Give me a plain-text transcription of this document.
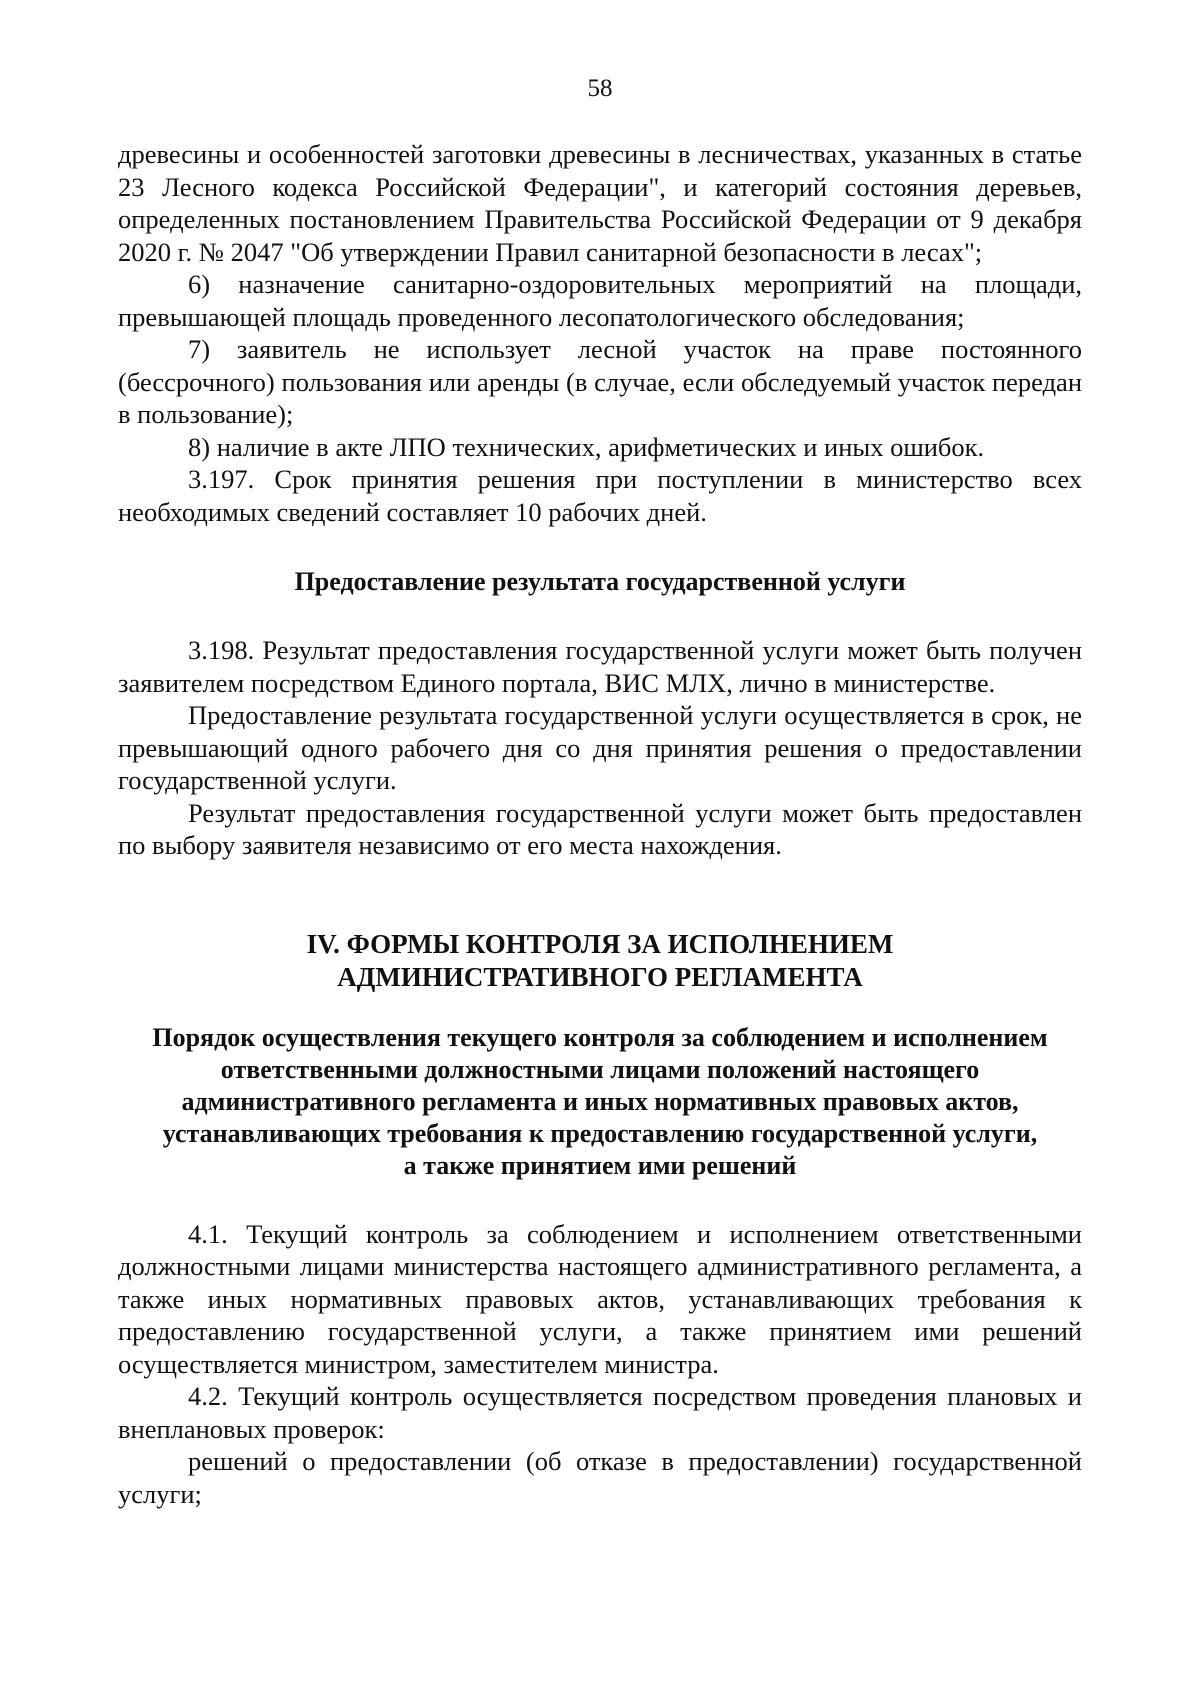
58

древесины и особенностей заготовки древесины в лесничествах, указанных в статье 23 Лесного кодекса Российской Федерации", и категорий состояния деревьев, определенных постановлением Правительства Российской Федерации от 9 декабря 2020 г. № 2047 "Об утверждении Правил санитарной безопасности в лесах";

6) назначение санитарно-оздоровительных мероприятий на площади, превышающей площадь проведенного лесопатологического обследования;

7) заявитель не использует лесной участок на праве постоянного (бессрочного) пользования или аренды (в случае, если обследуемый участок передан в пользование);

8) наличие в акте ЛПО технических, арифметических и иных ошибок.

3.197. Срок принятия решения при поступлении в министерство всех необходимых сведений составляет 10 рабочих дней.

Предоставление результата государственной услуги

3.198. Результат предоставления государственной услуги может быть получен заявителем посредством Единого портала, ВИС МЛХ, лично в министерстве.

Предоставление результата государственной услуги осуществляется в срок, не превышающий одного рабочего дня со дня принятия решения о предоставлении государственной услуги.

Результат предоставления государственной услуги может быть предоставлен по выбору заявителя независимо от его места нахождения.

IV. ФОРМЫ КОНТРОЛЯ ЗА ИСПОЛНЕНИЕМ
АДМИНИСТРАТИВНОГО РЕГЛАМЕНТА
Порядок осуществления текущего контроля за соблюдением и исполнением
ответственными должностными лицами положений настоящего
административного регламента и иных нормативных правовых актов,
устанавливающих требования к предоставлению государственной услуги,
а также принятием ими решений

4.1. Текущий контроль за соблюдением и исполнением ответственными должностными лицами министерства настоящего административного регламента, а также иных нормативных правовых актов, устанавливающих требования к предоставлению государственной услуги, а также принятием ими решений осуществляется министром, заместителем министра.

4.2. Текущий контроль осуществляется посредством проведения плановых и внеплановых проверок:

решений о предоставлении (об отказе в предоставлении) государственной услуги;
